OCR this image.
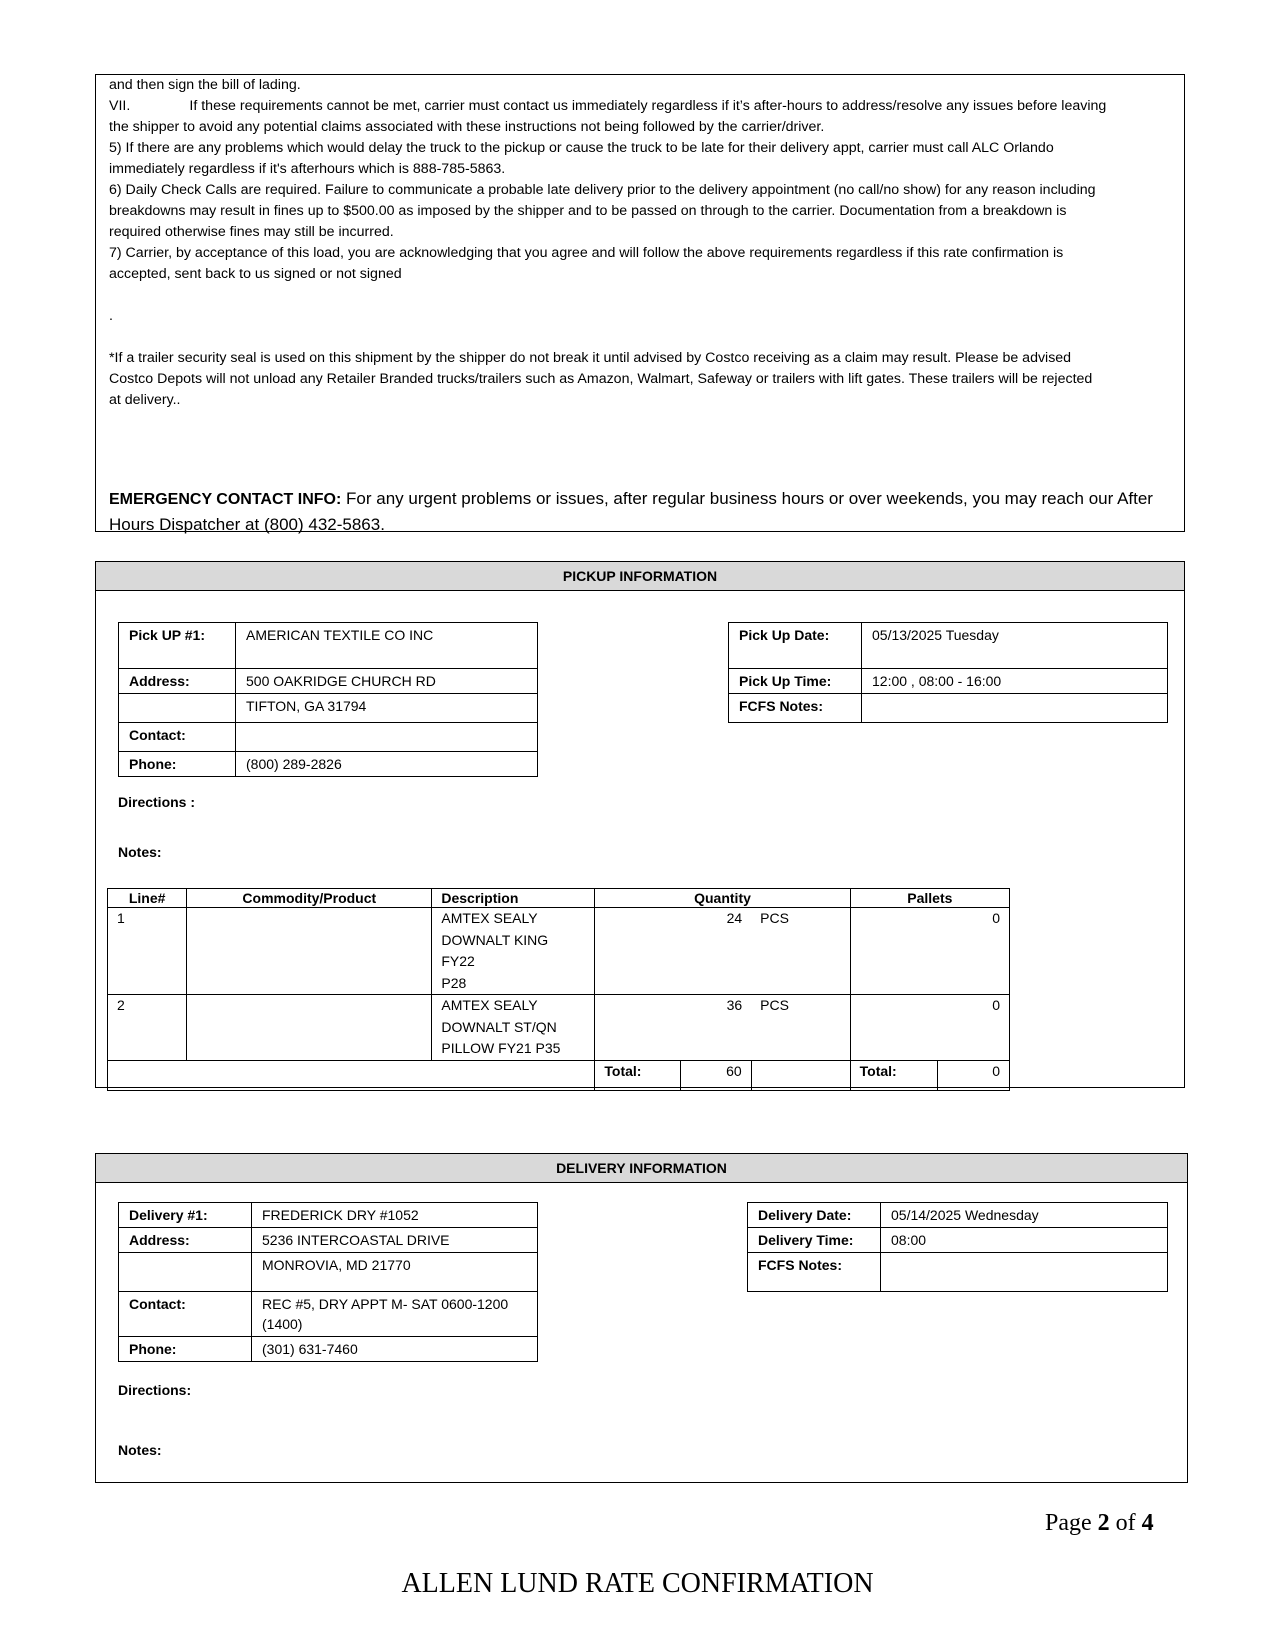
and then sign the bill of lading.
VII.               If these requirements cannot be met, carrier must contact us immediately regardless if it’s after-hours to address/resolve any issues before leaving
the shipper to avoid any potential claims associated with these instructions not being followed by the carrier/driver.
5) If there are any problems which would delay the truck to the pickup or cause the truck to be late for their delivery appt, carrier must call ALC Orlando
immediately regardless if it's afterhours which is 888-785-5863.
6) Daily Check Calls are required. Failure to communicate a probable late delivery prior to the delivery appointment (no call/no show) for any reason including
breakdowns may result in fines up to $500.00 as imposed by the shipper and to be passed on through to the carrier. Documentation from a breakdown is
required otherwise fines may still be incurred.
7) Carrier, by acceptance of this load, you are acknowledging that you agree and will follow the above requirements regardless if this rate confirmation is
accepted, sent back to us signed or not signed
.
*If a trailer security seal is used on this shipment by the shipper do not break it until advised by Costco receiving as a claim may result. Please be advised
Costco Depots will not unload any Retailer Branded trucks/trailers such as Amazon, Walmart, Safeway or trailers with lift gates. These trailers will be rejected
at delivery..
EMERGENCY CONTACT INFO: For any urgent problems or issues, after regular business hours or over weekends, you may reach our After Hours Dispatcher at (800) 432-5863.
PICKUP INFORMATION
Pick UP #1:	AMERICAN TEXTILE CO INC
Address:	500 OAKRIDGE CHURCH RD
	TIFTON, GA 31794
Contact:	
Phone:	(800) 289-2826
Pick Up Date:	05/13/2025 Tuesday
Pick Up Time:	12:00 , 08:00 - 16:00
FCFS Notes:	
Directions :
Notes:
Line#	Commodity/Product	Description	Quantity			Pallets	
1		AMTEX SEALY
DOWNALT KING FY22
P28	24		PCS	0	
2		AMTEX SEALY
DOWNALT ST/QN
PILLOW FY21 P35	36		PCS	0	
			Total:	60		Total:	0
DELIVERY INFORMATION
Delivery #1:	FREDERICK DRY #1052
Address:	5236 INTERCOASTAL DRIVE
	MONROVIA, MD 21770
Contact:	REC #5, DRY APPT M- SAT 0600-1200
(1400)

Phone:	(301) 631-7460
Delivery Date:	05/14/2025 Wednesday
Delivery Time:	08:00
FCFS Notes:	
Directions:
Notes:
Page 2 of 4
ALLEN LUND RATE CONFIRMATION
